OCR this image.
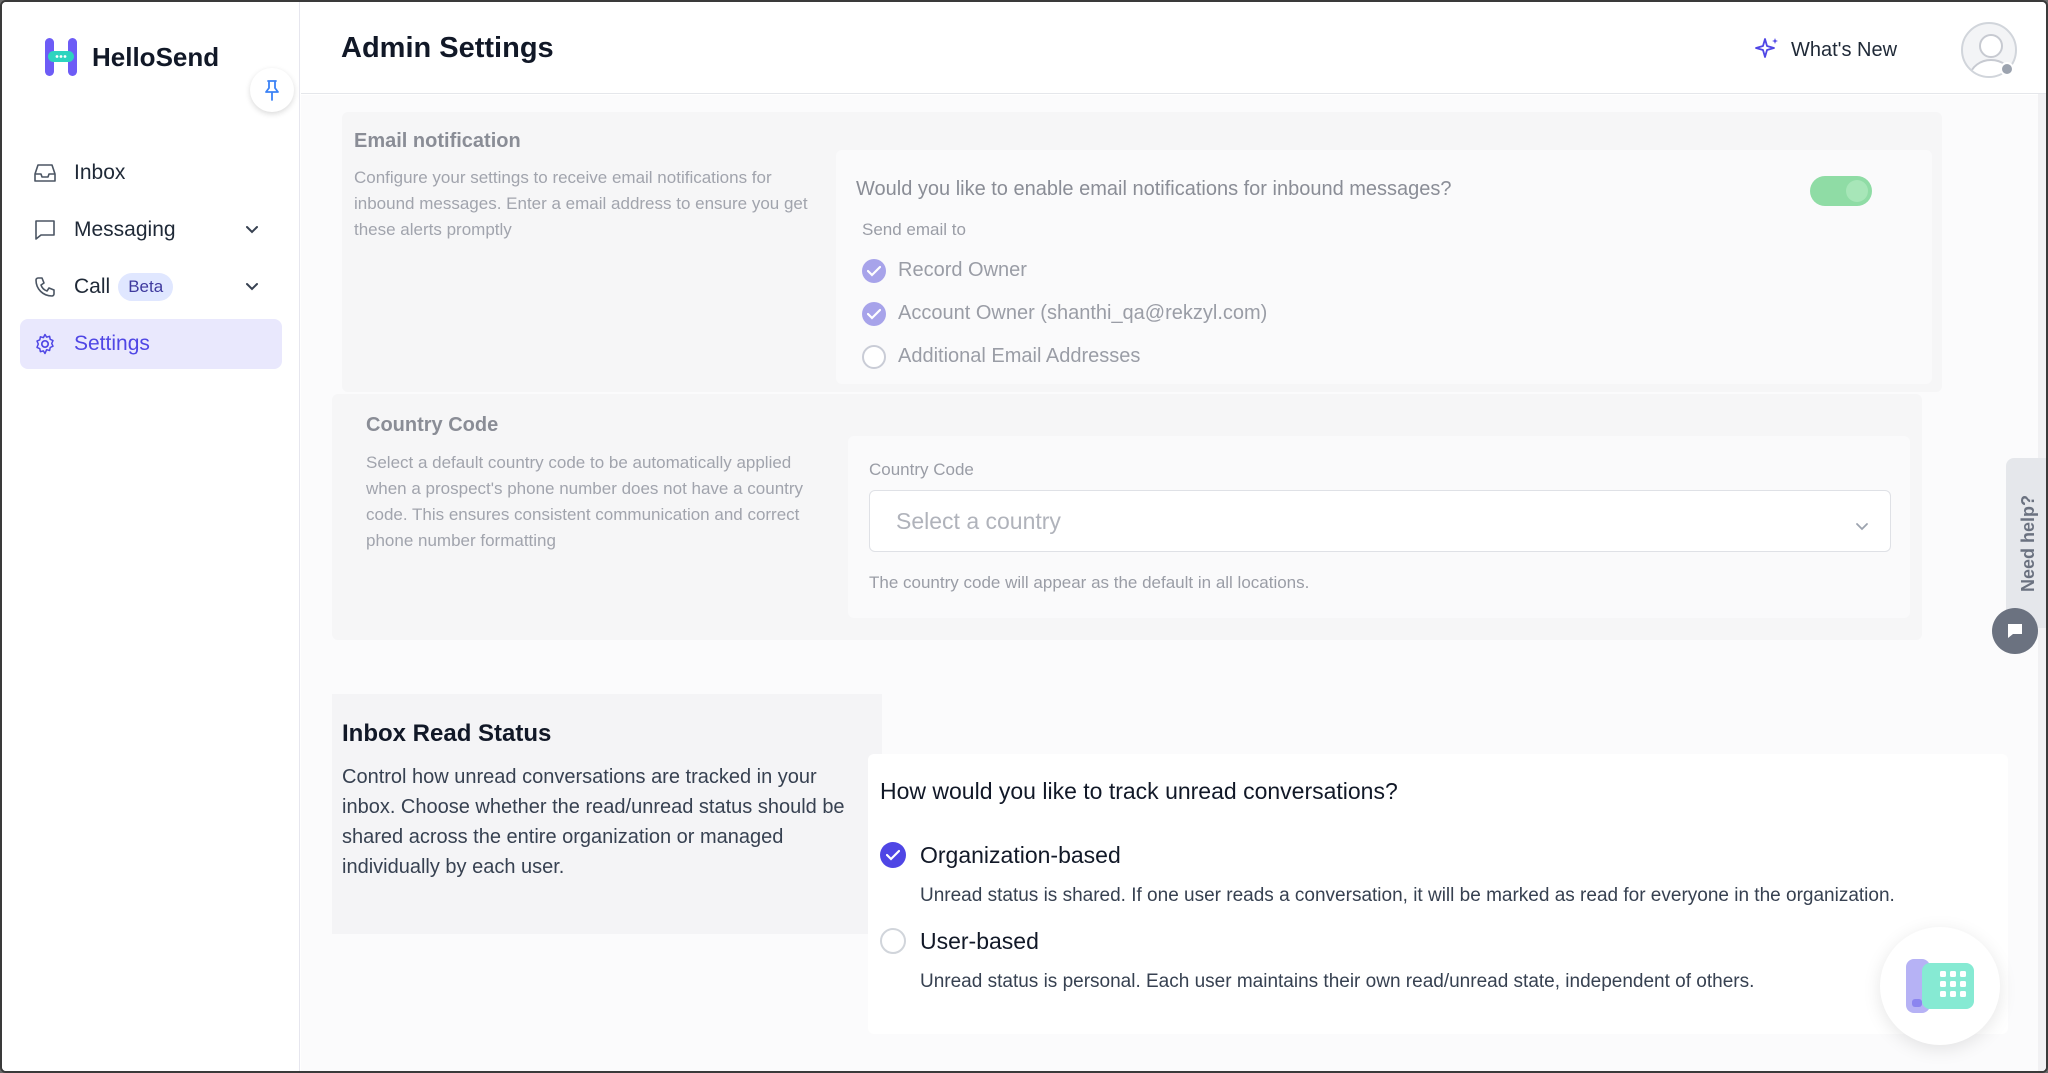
HelloSend
Inbox
Messaging
Call	Beta
Settings
Admin Settings	What's New
Email notification
Configure your settings to receive email notifications for inbound messages. Enter a email address to ensure you get these alerts promptly
Would you like to enable email notifications for inbound messages?
Send email to
Record Owner
Account Owner (shanthi_qa@rekzyl.com)
Additional Email Addresses
Country Code
Select a default country code to be automatically applied when a prospect's phone number does not have a country code. This ensures consistent communication and correct phone number formatting
Country Code
Select a country
The country code will appear as the default in all locations.
Inbox Read Status

Control how unread conversations are tracked in your inbox. Choose whether the read/unread status should be shared across the entire organization or managed individually by each user.

How would you like to track unread conversations?
Organization-based
Unread status is shared. If one user reads a conversation, it will be marked as read for everyone in the organization.
User-based
Unread status is personal. Each user maintains their own read/unread state, independent of others.
Need help?
